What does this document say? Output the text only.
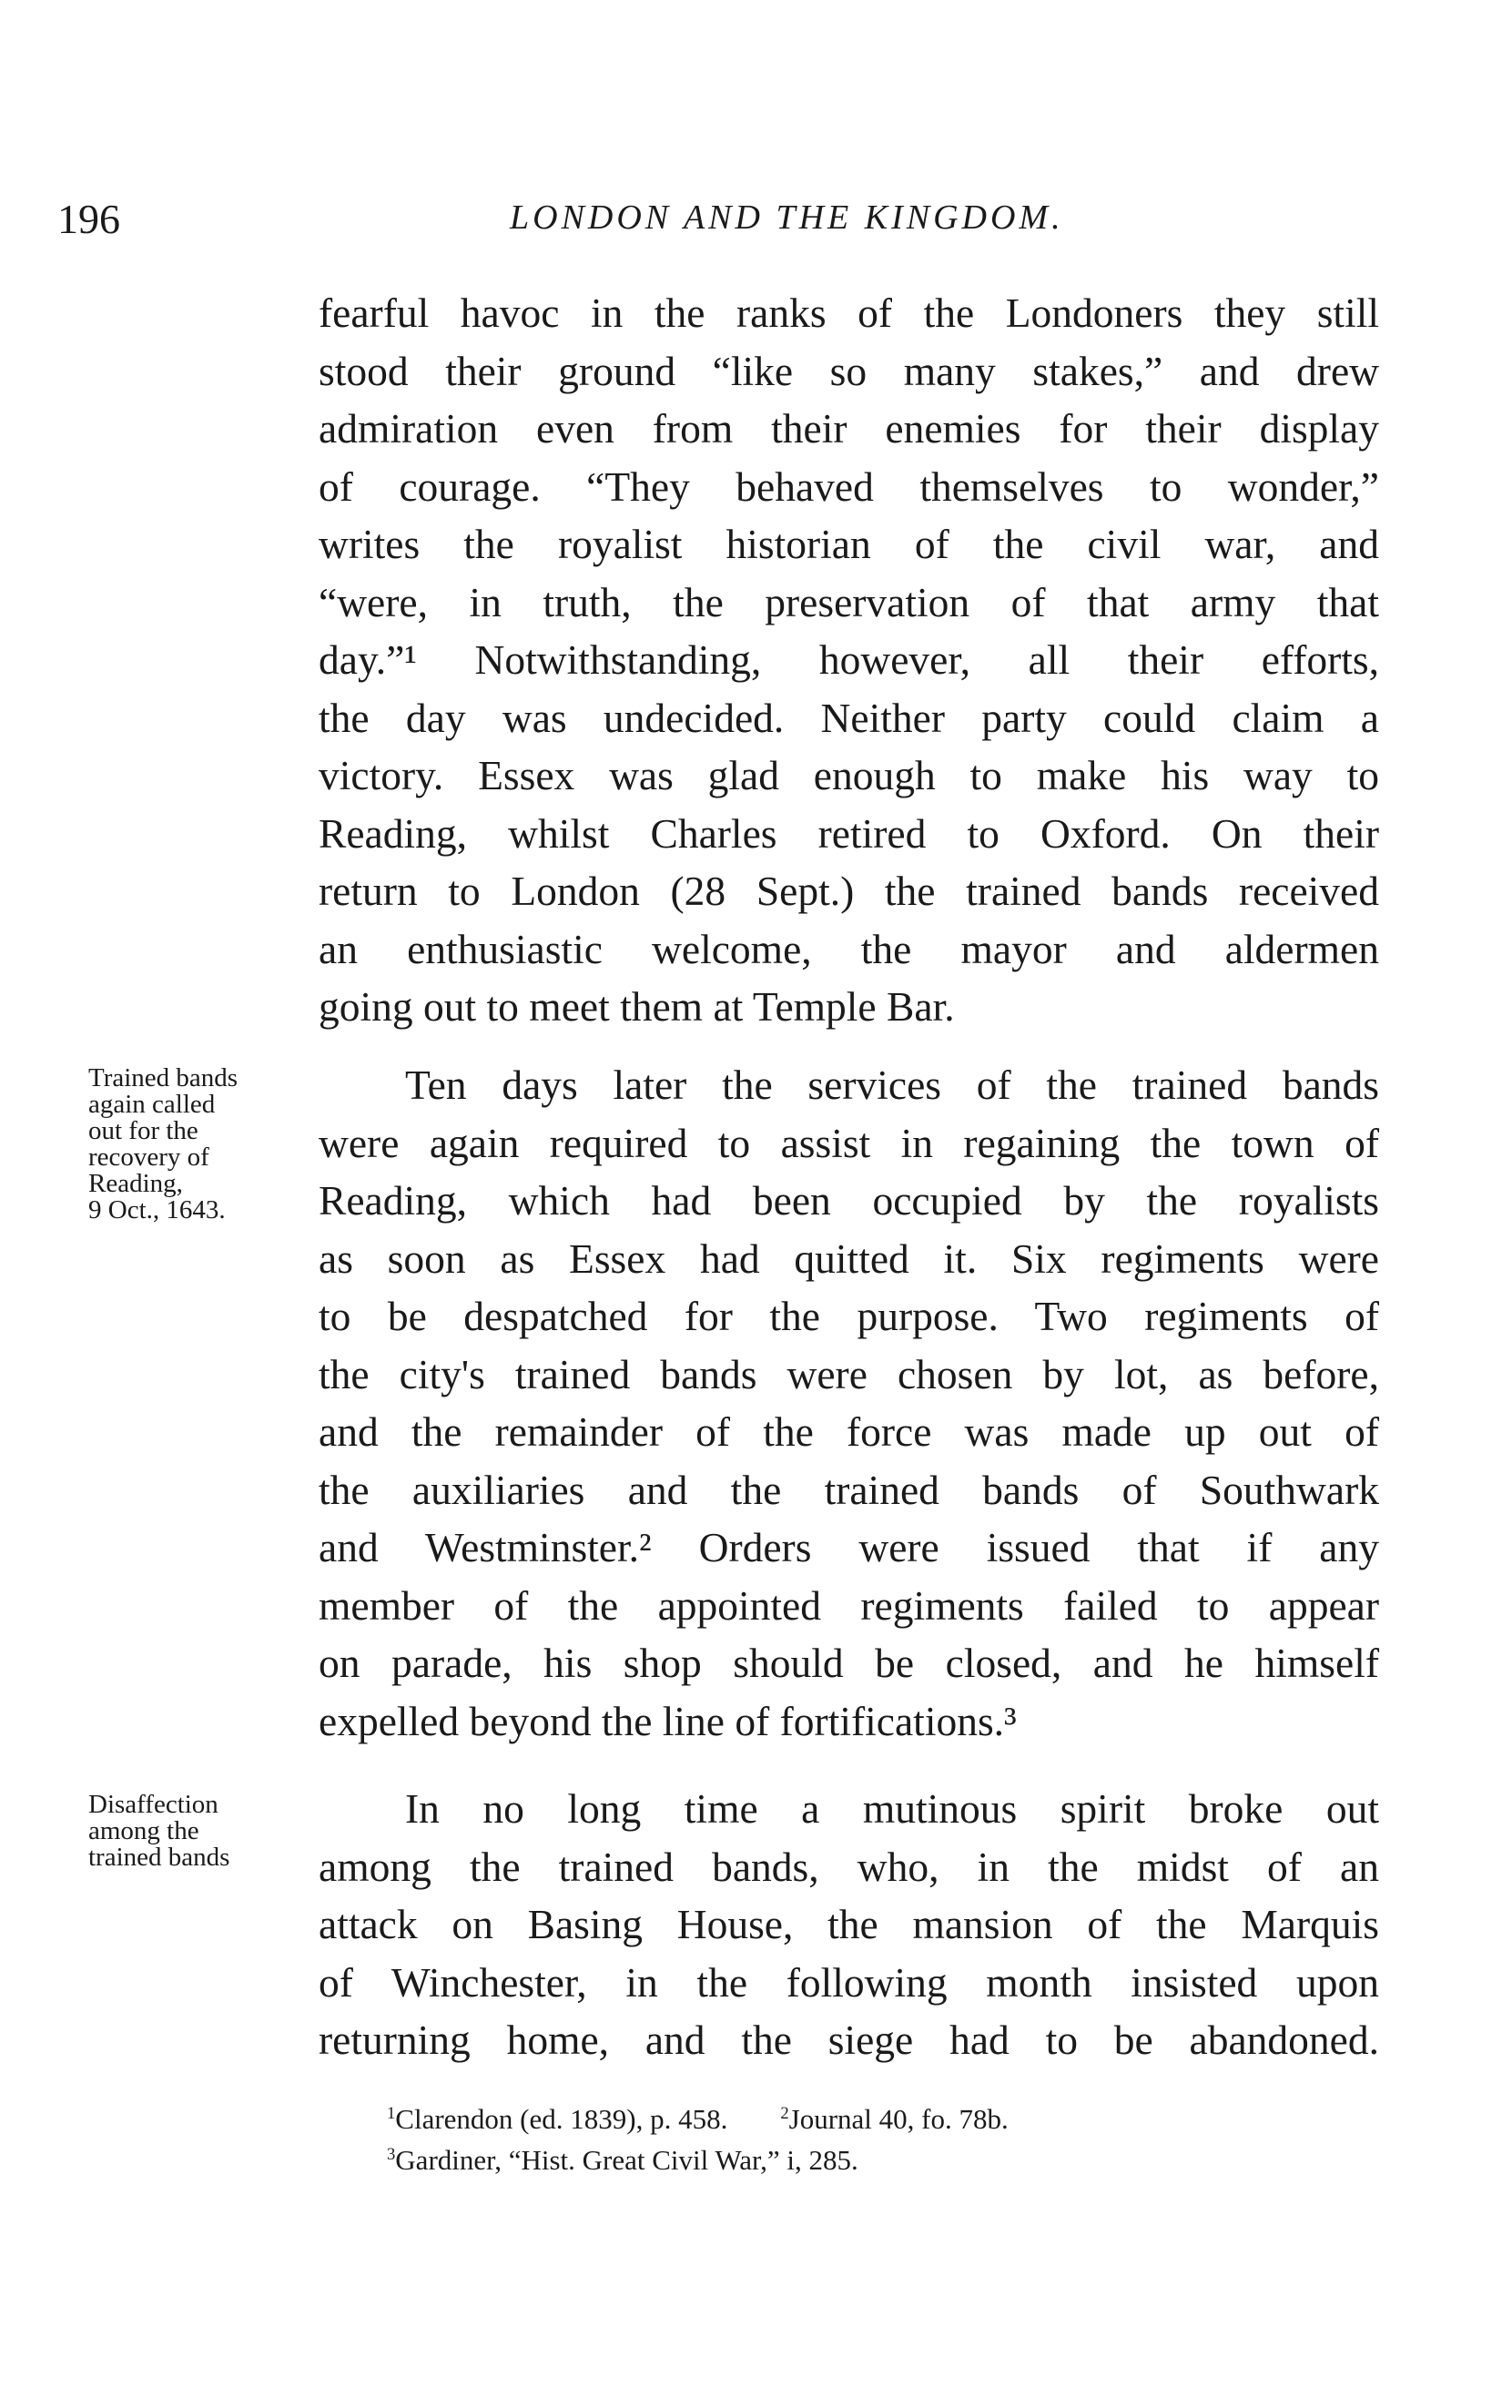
196	LONDON AND THE KINGDOM.
fearful havoc in the ranks of the Londoners they still
stood their ground “like so many stakes,” and drew
admiration even from their enemies for their display
of courage. “They behaved themselves to wonder,”
writes the royalist historian of the civil war, and
“were, in truth, the preservation of that army that
day.”¹ Notwithstanding, however, all their efforts,
the day was undecided. Neither party could claim a
victory. Essex was glad enough to make his way to
Reading, whilst Charles retired to Oxford. On their
return to London (28 Sept.) the trained bands received
an enthusiastic welcome, the mayor and aldermen
going out to meet them at Temple Bar.
Trained bands
again called
out for the
recovery of
Reading,
9 Oct., 1643.
Ten days later the services of the trained bands
were again required to assist in regaining the town of
Reading, which had been occupied by the royalists
as soon as Essex had quitted it. Six regiments were
to be despatched for the purpose. Two regiments of
the city's trained bands were chosen by lot, as before,
and the remainder of the force was made up out of
the auxiliaries and the trained bands of Southwark
and Westminster.² Orders were issued that if any
member of the appointed regiments failed to appear
on parade, his shop should be closed, and he himself
expelled beyond the line of fortifications.³
Disaffection
among the
trained bands
In no long time a mutinous spirit broke out
among the trained bands, who, in the midst of an
attack on Basing House, the mansion of the Marquis
of Winchester, in the following month insisted upon
returning home, and the siege had to be abandoned.
$^1$Clarendon (ed. 1839), p. 458.	$^2$Journal 40, fo. 78b.
$^3$Gardiner, “Hist. Great Civil War,” i, 285.
